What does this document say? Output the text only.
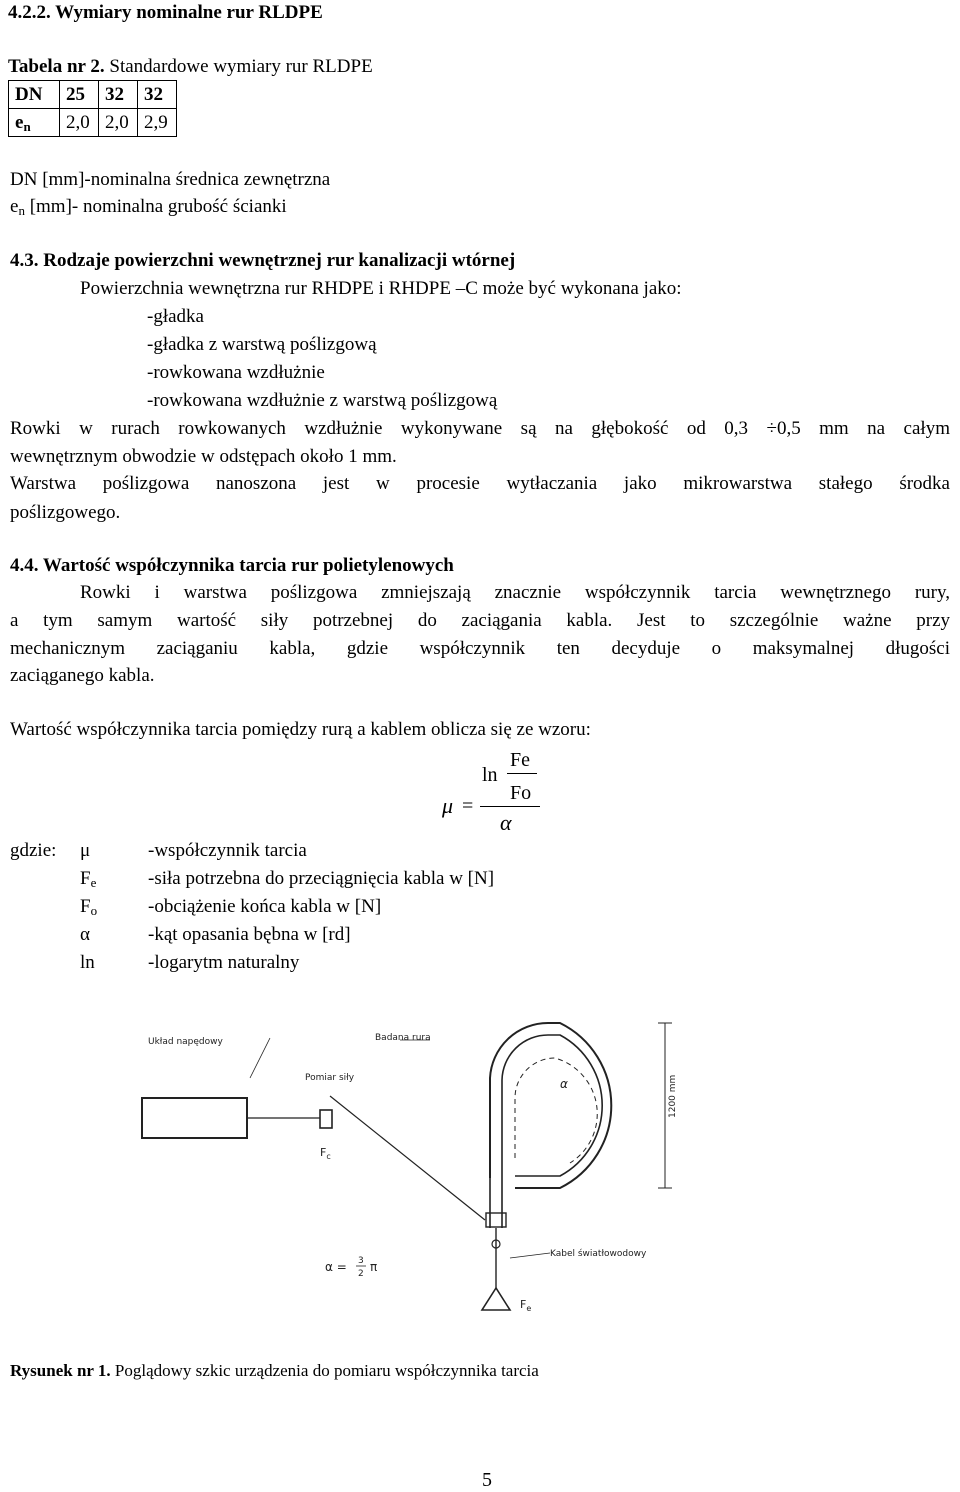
4.2.2. Wymiary nominalne rur RLDPE
Tabela nr 2. Standardowe wymiary rur RLDPE
DN	25	32	32
$e_n$	2,0	2,0	2,9
DN [mm]-nominalna średnica zewnętrzna
$e_n$ [mm]- nominalna grubość ścianki
4.3. Rodzaje powierzchni wewnętrznej rur kanalizacji wtórnej
Powierzchnia wewnętrzna rur RHDPE i RHDPE –C może być wykonana jako:
-gładka
-gładka z warstwą poślizgową
-rowkowana wzdłużnie
-rowkowana wzdłużnie z warstwą poślizgową
Rowki w rurach rowkowanych wzdłużnie wykonywane są na głębokość od 0,3 ÷0,5 mm na całym
wewnętrznym obwodzie w odstępach około 1 mm.
Warstwa poślizgowa nanoszona jest w procesie wytłaczania jako mikrowarstwa stałego środka
poślizgowego.
4.4. Wartość współczynnika tarcia rur polietylenowych
Rowki i warstwa poślizgowa zmniejszają znacznie współczynnik tarcia wewnętrznego rury,
a tym samym wartość siły potrzebnej do zaciągania kabla. Jest to szczególnie ważne przy
mechanicznym zaciąganiu kabla, gdzie współczynnik ten decyduje o maksymalnej długości
zaciąganego kabla.
Wartość współczynnika tarcia pomiędzy rurą a kablem oblicza się ze wzoru:
ln
Fe
Fo
μ =
α
gdzie: μ	-współczynnik tarcia
$F_e$	-siła potrzebna do przeciągnięcia kabla w [N]
$F_o$	-obciążenie końca kabla w [N]
α	-kąt opasania bębna w [rd]
ln	-logarytm naturalny
Badana rura
Układ napędowy
Pomiar siły
$F_c$
α	1200 mm
Kabel światłowodowy
$F_e$
α = 3
2 π
Rysunek nr 1. Poglądowy szkic urządzenia do pomiaru współczynnika tarcia
5
